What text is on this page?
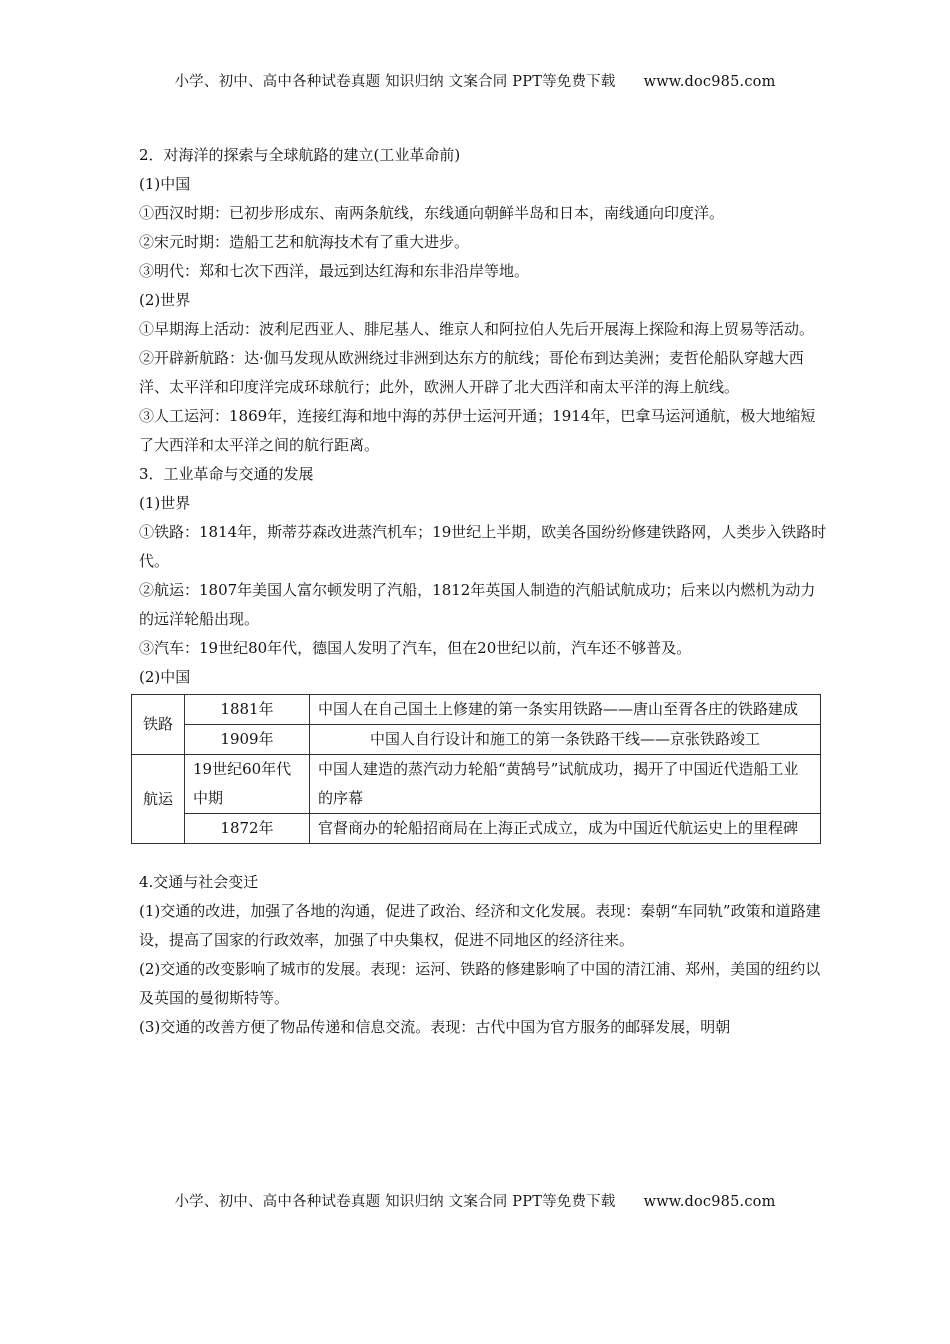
小学、初中、高中各种试卷真题 知识归纳 文案合同 PPT等免费下载 www.doc985.com

2．对海洋的探索与全球航路的建立(工业革命前)

(1)中国

①西汉时期：已初步形成东、南两条航线，东线通向朝鲜半岛和日本，南线通向印度洋。

②宋元时期：造船工艺和航海技术有了重大进步。

③明代：郑和七次下西洋，最远到达红海和东非沿岸等地。

(2)世界

①早期海上活动：波利尼西亚人、腓尼基人、维京人和阿拉伯人先后开展海上探险和海上贸易等活动。

②开辟新航路：达·伽马发现从欧洲绕过非洲到达东方的航线；哥伦布到达美洲；麦哲伦船队穿越大西洋、太平洋和印度洋完成环球航行；此外，欧洲人开辟了北大西洋和南太平洋的海上航线。

③人工运河：1869年，连接红海和地中海的苏伊士运河开通；1914年，巴拿马运河通航，极大地缩短了大西洋和太平洋之间的航行距离。

3．工业革命与交通的发展

(1)世界

①铁路：1814年，斯蒂芬森改进蒸汽机车；19世纪上半期，欧美各国纷纷修建铁路网，人类步入铁路时代。

②航运：1807年美国人富尔顿发明了汽船，1812年英国人制造的汽船试航成功；后来以内燃机为动力的远洋轮船出现。

③汽车：19世纪80年代，德国人发明了汽车，但在20世纪以前，汽车还不够普及。

(2)中国

铁路	1881年	中国人在自己国土上修建的第一条实用铁路——唐山至胥各庄的铁路建成
	1909年	中国人自行设计和施工的第一条铁路干线——京张铁路竣工
航运	19世纪60年代中期	中国人建造的蒸汽动力轮船“黄鹄号”试航成功，揭开了中国近代造船工业的序幕
	1872年	官督商办的轮船招商局在上海正式成立，成为中国近代航运史上的里程碑

4.交通与社会变迁

(1)交通的改进，加强了各地的沟通，促进了政治、经济和文化发展。表现：秦朝“车同轨”政策和道路建设，提高了国家的行政效率，加强了中央集权，促进不同地区的经济往来。

(2)交通的改变影响了城市的发展。表现：运河、铁路的修建影响了中国的清江浦、郑州，美国的纽约以及英国的曼彻斯特等。

(3)交通的改善方便了物品传递和信息交流。表现：古代中国为官方服务的邮驿发展，明朝

小学、初中、高中各种试卷真题 知识归纳 文案合同 PPT等免费下载 www.doc985.com
